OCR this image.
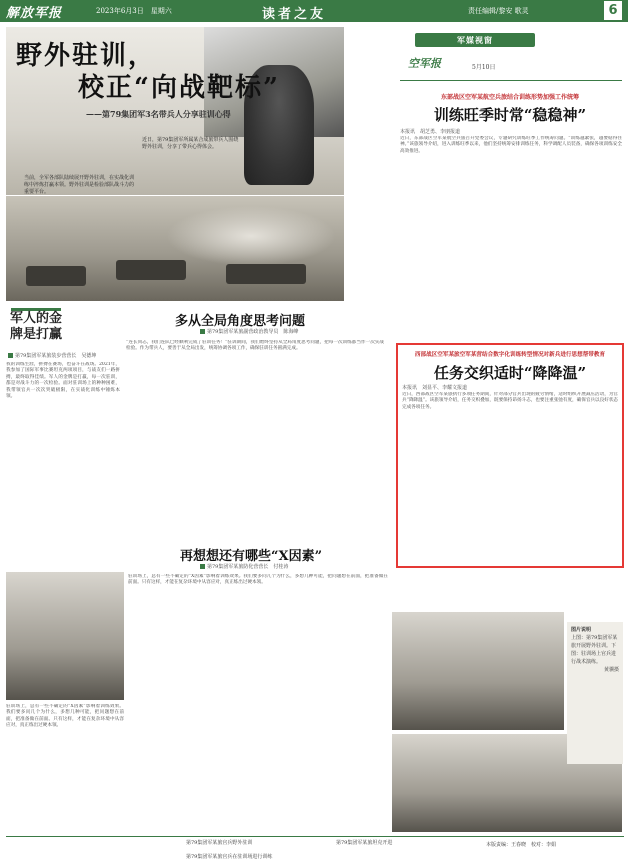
解放军报	2023年6月3日　星期六	读者之友	责任编辑/黎安 歌灵	6
野外驻训，
校正“向战靶标”
——第79集团军3名带兵人分享驻训心得
当前，全军各部队陆续展开野外驻训，在实战化训练中淬炼打赢本领。野外驻训是检验部队战斗力的重要平台。
近日，第79集团军所属某合成旅带兵人围绕野外驻训，分享了带兵心得体会。
军人的金牌是打赢
第79集团军某旅装步营营长　吴德坤
我的训练生涯，拼搏在赛场，也奋斗在战场。2021年，我参加了国际军事比赛坦克两项项目，与战友们一路拼搏，最终取得佳绩。军人的金牌是打赢，每一次驻训，都是对战斗力的一次检验。面对驻训场上的种种困难，我带领官兵一次次突破极限，在实战化训练中锤炼本领。
多从全局角度思考问题
第79集团军某旅副营政治教导员　陈海峰
“连长同志，我们连队已经顺利完成了驻训任务！”驻训期间，我们始终坚持从全局角度思考问题，把每一次训练都当作一次实战检验。作为带兵人，要善于从全局出发，统筹协调各项工作，确保驻训任务圆满完成。
再想想还有哪些“X因素”
第79集团军某旅防化营营长　付桂涛
驻训场上，总有一些不确定的“X因素”影响着训练效果。我们要多问几个为什么，多想几种可能，把问题想在前面，把准备做在前面。只有这样，才能在复杂环境中从容应对，真正练出过硬本领。
驻训场上，总有一些不确定的“X因素”影响着训练效果。我们要多问几个为什么，多想几种可能，把问题想在前面，把准备做在前面。只有这样，才能在复杂环境中从容应对，真正练出过硬本领。
军媒视窗
空军报	5月10日
东部战区空军某航空兵旅结合训练形势加强工作统筹
训练旺季时常“稳稳神”
本报讯　胡芝勇、李朋报道
近日，东部战区空军某航空兵旅召开党委会议，专题研究训练旺季工作统筹问题。“训练越紧张，越要稳得住神。”该旅领导介绍，进入训练旺季以来，他们坚持统筹安排训练任务，科学调配人员装备，确保各项训练安全高效推进。
西部战区空军某旅空军某营结合数字化训练转型情况对新兵进行思想帮带教育
任务交织适时“降降温”
本报讯　刘显平、李耀文报道
近日，西部战区空军某旅执行多项任务期间，针对部分官兵出现的疲劳情绪，适时组织开展减压活动，为官兵“降降温”。该旅领导介绍，任务交织叠加，既要保持昂扬斗志，也要注重张弛有度，确保官兵以良好状态完成各项任务。
图片说明
上图：第79集团军某旅开展野外驻训。下图：驻训场上官兵进行战术演练。
黄骥摄
第79集团军某旅官兵野外驻训	第79集团军某旅坦克开进
第79集团军某旅官兵在驻训场进行训练
本版责编：王春晓　校对：李娟
